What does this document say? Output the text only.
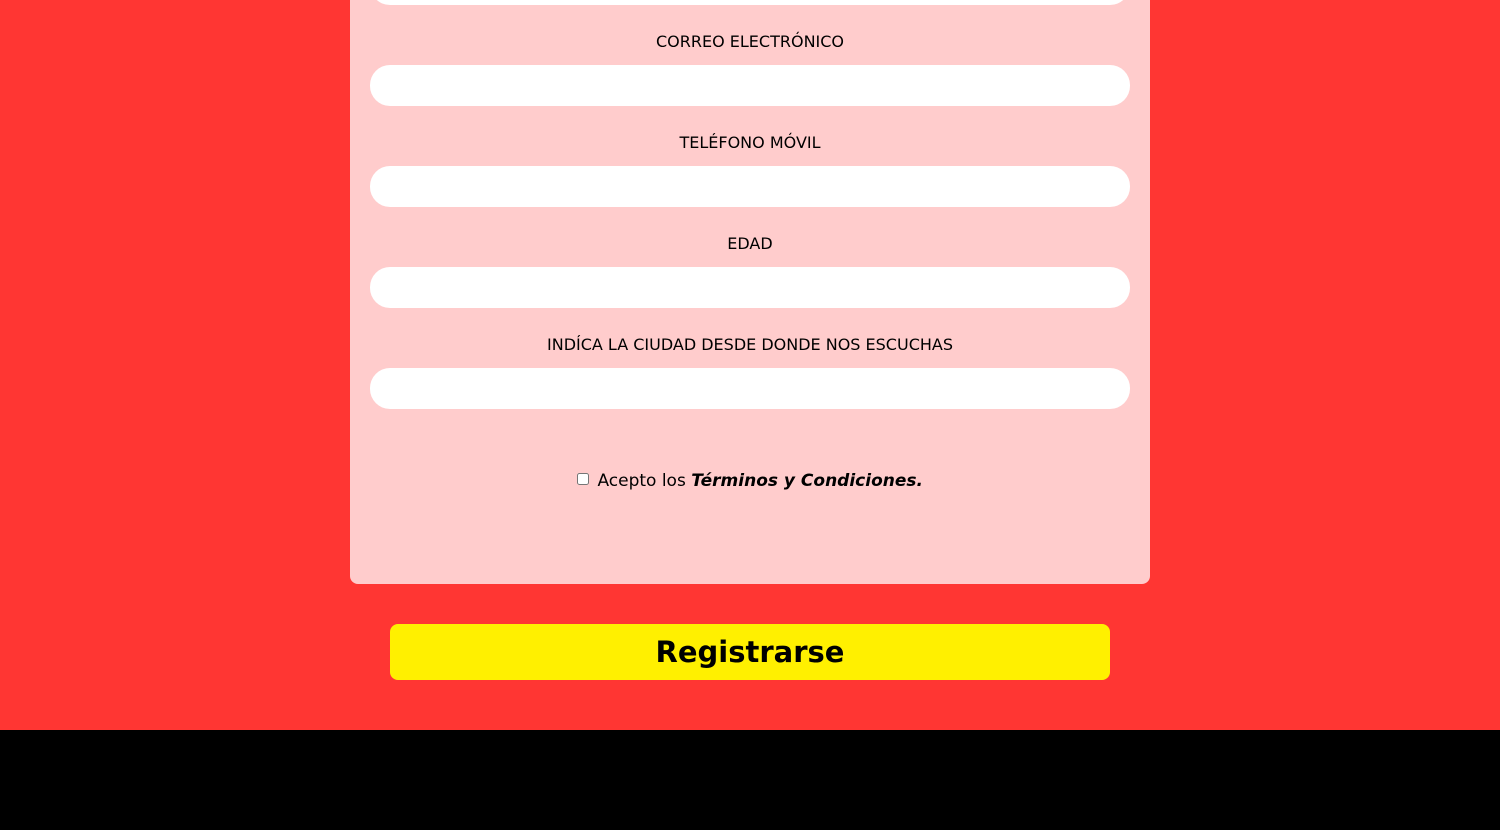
CORREO ELECTRÓNICO
TELÉFONO MÓVIL
EDAD
INDÍCA LA CIUDAD DESDE DONDE NOS ESCUCHAS
Acepto los Términos y Condiciones.
Registrarse
